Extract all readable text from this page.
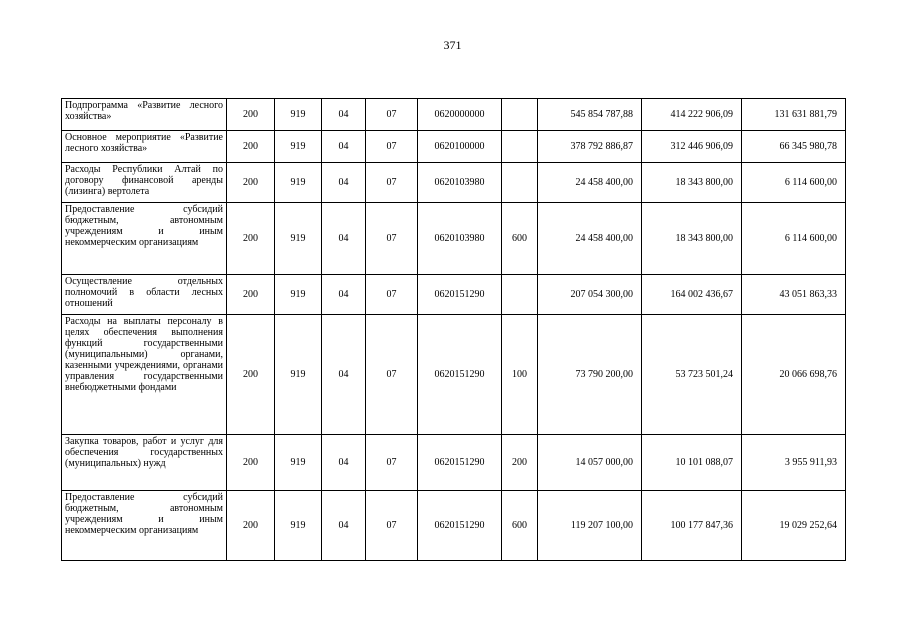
371
Подпрограмма «Развитие лесного хозяйства»	200	919	04	07	0620000000		545 854 787,88	414 222 906,09	131 631 881,79
Основное мероприятие «Развитие лесного хозяйства»	200	919	04	07	0620100000		378 792 886,87	312 446 906,09	66 345 980,78
Расходы Республики Алтай по договору финансовой аренды (лизинга) вертолета	200	919	04	07	0620103980		24 458 400,00	18 343 800,00	6 114 600,00
Предоставление субсидий бюджетным, автономным учреждениям и иным некоммерческим организациям	200	919	04	07	0620103980	600	24 458 400,00	18 343 800,00	6 114 600,00
Осуществление отдельных полномочий в области лесных отношений	200	919	04	07	0620151290		207 054 300,00	164 002 436,67	43 051 863,33
Расходы на выплаты персоналу в целях обеспечения выполнения функций государственными (муниципальными) органами, казенными учреждениями, органами управления государственными внебюджетными фондами	200	919	04	07	0620151290	100	73 790 200,00	53 723 501,24	20 066 698,76
Закупка товаров, работ и услуг для обеспечения государственных (муниципальных) нужд	200	919	04	07	0620151290	200	14 057 000,00	10 101 088,07	3 955 911,93
Предоставление субсидий бюджетным, автономным учреждениям и иным некоммерческим организациям	200	919	04	07	0620151290	600	119 207 100,00	100 177 847,36	19 029 252,64
